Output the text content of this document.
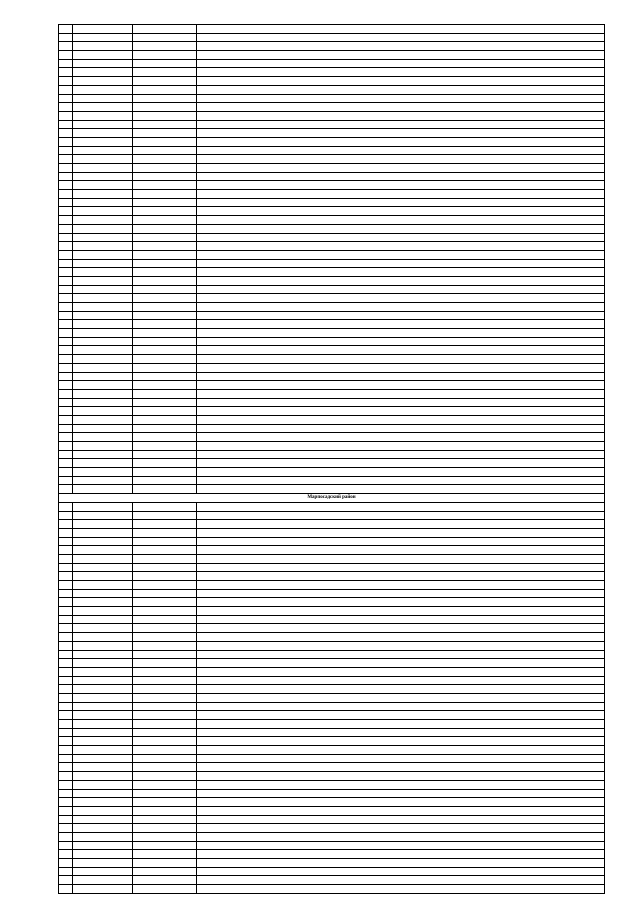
Марпосадский район			
